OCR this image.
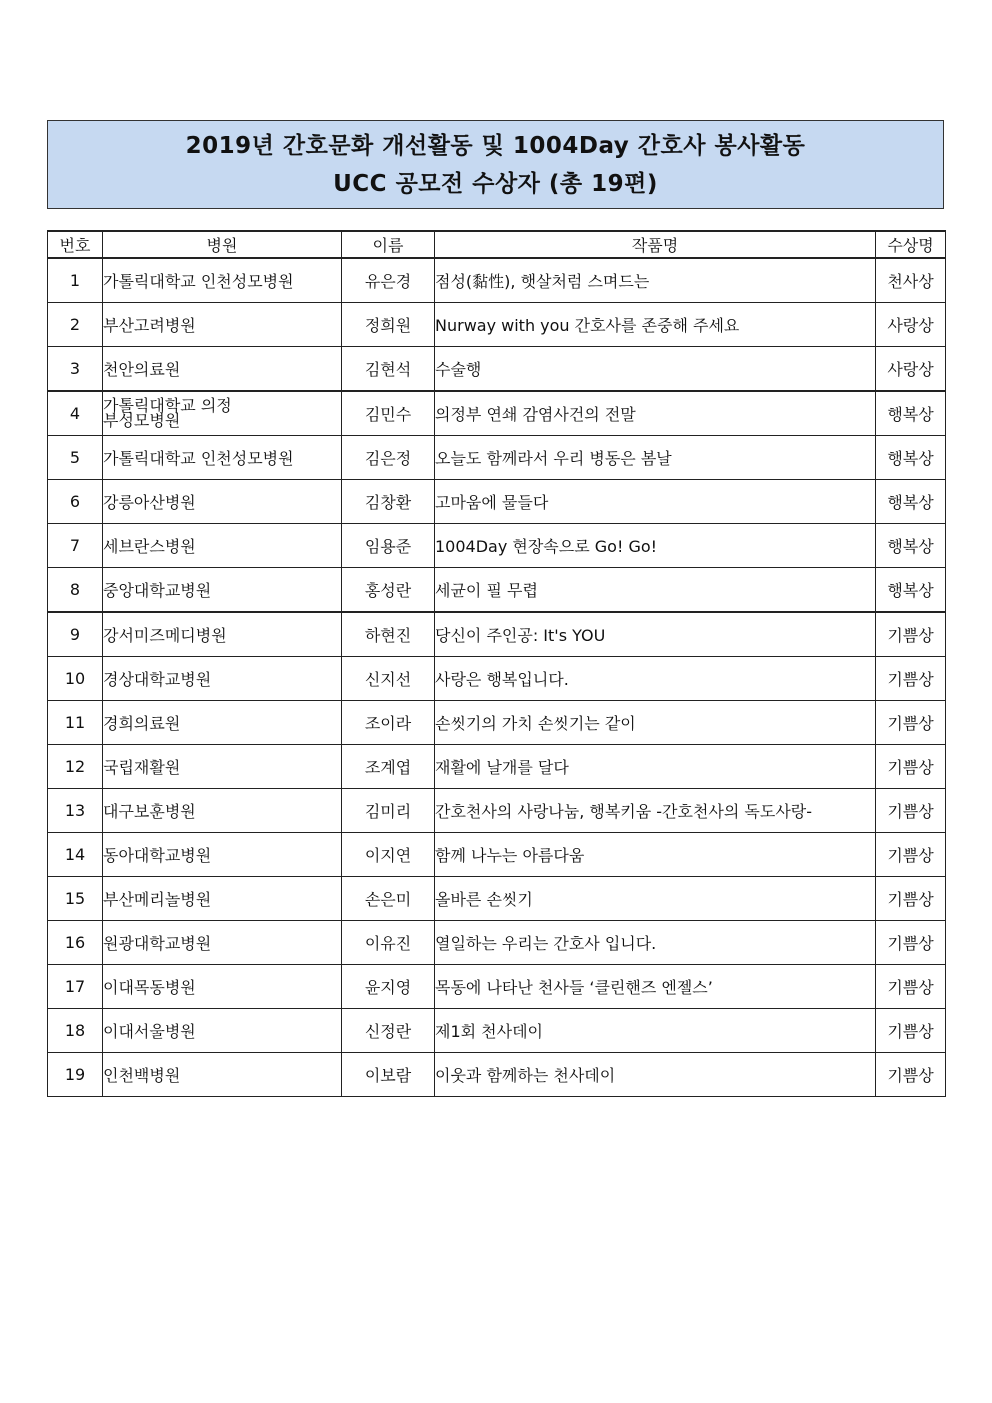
2019년 간호문화 개선활동 및 1004Day 간호사 봉사활동
UCC 공모전 수상자 (총 19편)
번호	병원	이름	작품명	수상명
1	가톨릭대학교 인천성모병원	유은경	점성(黏性), 햇살처럼 스며드는	천사상
2	부산고려병원	정희원	Nurway with you 간호사를 존중해 주세요	사랑상
3	천안의료원	김현석	수술행	사랑상
4	가톨릭대학교 의정부성모병원	김민수	의정부 연쇄 감염사건의 전말	행복상
5	가톨릭대학교 인천성모병원	김은정	오늘도 함께라서 우리 병동은 봄날	행복상
6	강릉아산병원	김창환	고마움에 물들다	행복상
7	세브란스병원	임용준	1004Day 현장속으로 Go! Go!	행복상
8	중앙대학교병원	홍성란	세균이 필 무렵	행복상
9	강서미즈메디병원	하현진	당신이 주인공: It's YOU	기쁨상
10	경상대학교병원	신지선	사랑은 행복입니다.	기쁨상
11	경희의료원	조이라	손씻기의 가치 손씻기는 같이	기쁨상
12	국립재활원	조계엽	재활에 날개를 달다	기쁨상
13	대구보훈병원	김미리	간호천사의 사랑나눔, 행복키움 -간호천사의 독도사랑-	기쁨상
14	동아대학교병원	이지연	함께 나누는 아름다움	기쁨상
15	부산메리놀병원	손은미	올바른 손씻기	기쁨상
16	원광대학교병원	이유진	열일하는 우리는 간호사 입니다.	기쁨상
17	이대목동병원	윤지영	목동에 나타난 천사들 ‘클린핸즈 엔젤스’	기쁨상
18	이대서울병원	신정란	제1회 천사데이	기쁨상
19	인천백병원	이보람	이웃과 함께하는 천사데이	기쁨상
